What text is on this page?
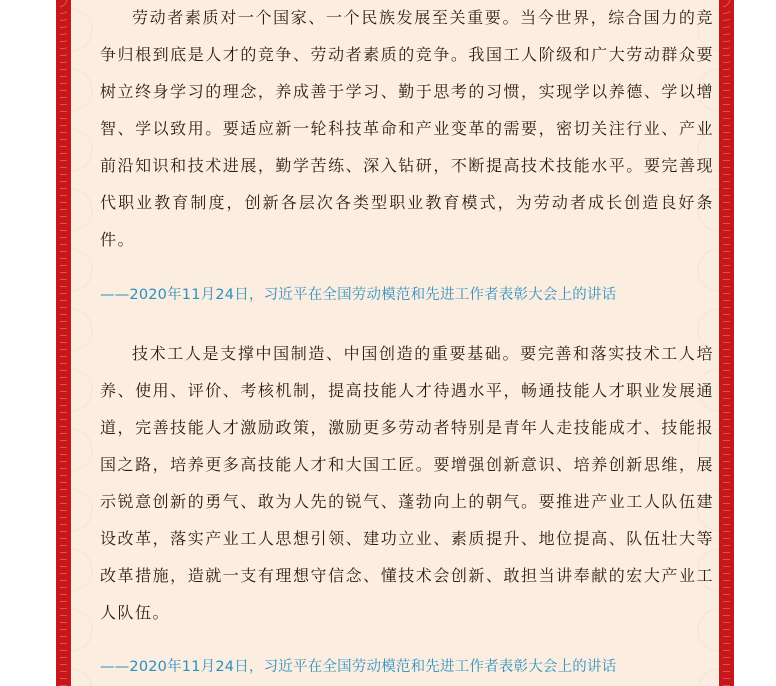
劳动者素质对一个国家、一个民族发展至关重要。当今世界，综合国力的竞争归根到底是人才的竞争、劳动者素质的竞争。我国工人阶级和广大劳动群众要树立终身学习的理念，养成善于学习、勤于思考的习惯，实现学以养德、学以增智、学以致用。要适应新一轮科技革命和产业变革的需要，密切关注行业、产业前沿知识和技术进展，勤学苦练、深入钻研，不断提高技术技能水平。要完善现代职业教育制度，创新各层次各类型职业教育模式，为劳动者成长创造良好条件。

——2020年11月24日，习近平在全国劳动模范和先进工作者表彰大会上的讲话

技术工人是支撑中国制造、中国创造的重要基础。要完善和落实技术工人培养、使用、评价、考核机制，提高技能人才待遇水平，畅通技能人才职业发展通道，完善技能人才激励政策，激励更多劳动者特别是青年人走技能成才、技能报国之路，培养更多高技能人才和大国工匠。要增强创新意识、培养创新思维，展示锐意创新的勇气、敢为人先的锐气、蓬勃向上的朝气。要推进产业工人队伍建设改革，落实产业工人思想引领、建功立业、素质提升、地位提高、队伍壮大等改革措施，造就一支有理想守信念、懂技术会创新、敢担当讲奉献的宏大产业工人队伍。

——2020年11月24日，习近平在全国劳动模范和先进工作者表彰大会上的讲话
